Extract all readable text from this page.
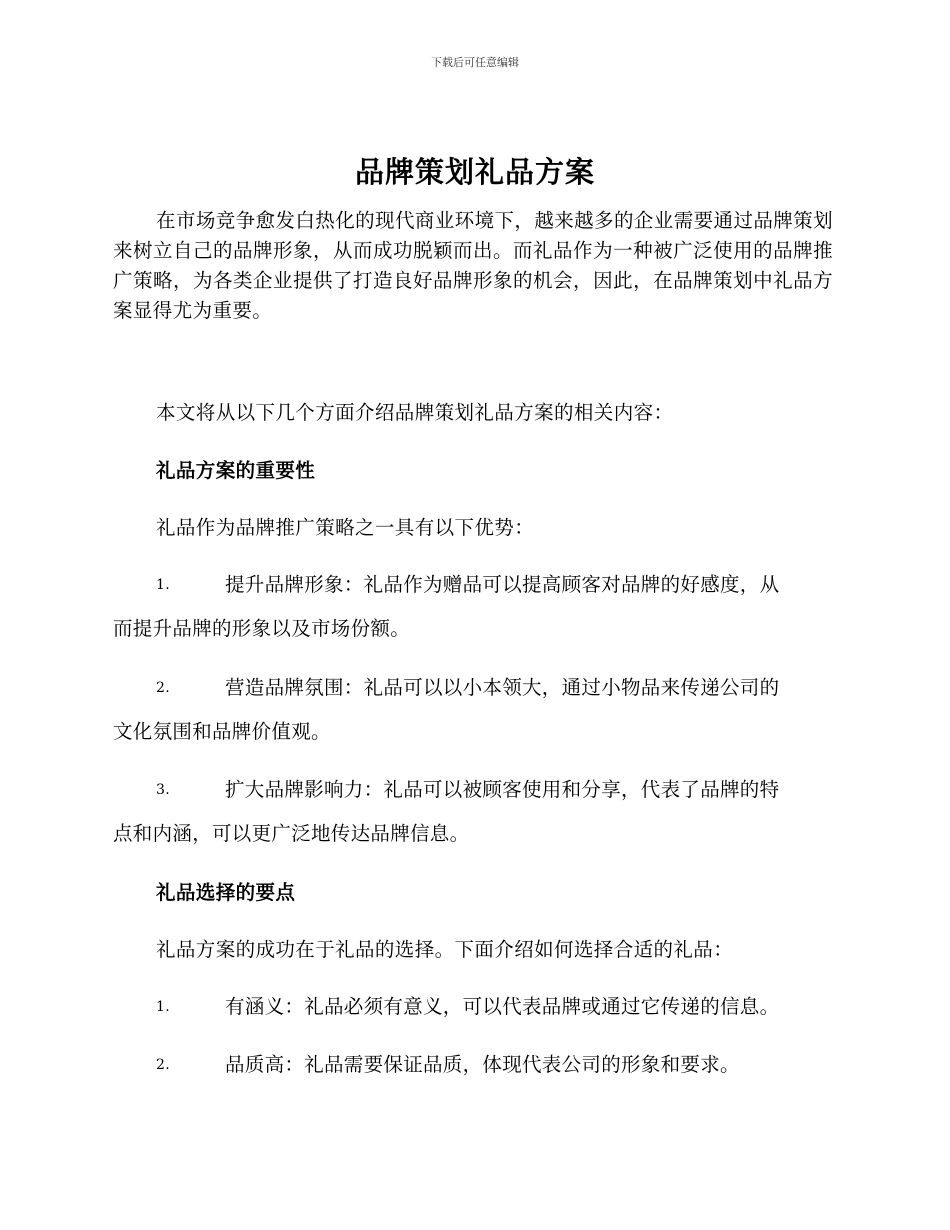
下载后可任意编辑
品牌策划礼品方案
在市场竞争愈发白热化的现代商业环境下，越来越多的企业需要通过品牌策划来树立自己的品牌形象，从而成功脱颖而出。而礼品作为一种被广泛使用的品牌推广策略，为各类企业提供了打造良好品牌形象的机会，因此，在品牌策划中礼品方案显得尤为重要。
本文将从以下几个方面介绍品牌策划礼品方案的相关内容：
礼品方案的重要性
礼品作为品牌推广策略之一具有以下优势：
1.	提升品牌形象：礼品作为赠品可以提高顾客对品牌的好感度，从
而提升品牌的形象以及市场份额。
2.	营造品牌氛围：礼品可以以小本领大，通过小物品来传递公司的
文化氛围和品牌价值观。
3.	扩大品牌影响力：礼品可以被顾客使用和分享，代表了品牌的特
点和内涵，可以更广泛地传达品牌信息。
礼品选择的要点
礼品方案的成功在于礼品的选择。下面介绍如何选择合适的礼品：
1.	有涵义：礼品必须有意义，可以代表品牌或通过它传递的信息。
2.	品质高：礼品需要保证品质，体现代表公司的形象和要求。
